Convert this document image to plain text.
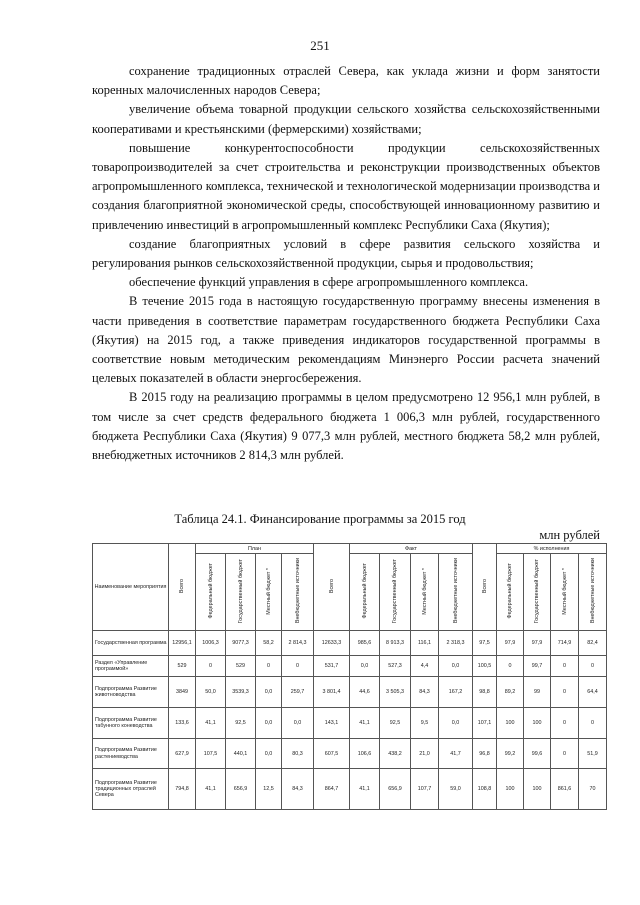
251

сохранение традиционных отраслей Севера, как уклада жизни и форм занятости коренных малочисленных народов Севера;

увеличение объема товарной продукции сельского хозяйства сельскохозяйственными кооперативами и крестьянскими (фермерскими) хозяйствами;

повышение конкурентоспособности продукции сельскохозяйственных товаропроизводителей за счет строительства и реконструкции производственных объектов агропромышленного комплекса, технической и технологической модернизации производства и создания благоприятной экономической среды, способствующей инновационному развитию и привлечению инвестиций в агропромышленный комплекс Республики Саха (Якутия);

создание благоприятных условий в сфере развития сельского хозяйства и регулирования рынков сельскохозяйственной продукции, сырья и продовольствия;

обеспечение функций управления в сфере агропромышленного комплекса.

В течение 2015 года в настоящую государственную программу внесены изменения в части приведения в соответствие параметрам государственного бюджета Республики Саха (Якутия) на 2015 год, а также приведения индикаторов государственной программы в соответствие новым методическим рекомендациям Минэнерго России расчета значений целевых показателей в области энергосбережения.

В 2015 году на реализацию программы в целом предусмотрено 12 956,1 млн рублей, в том числе за счет средств федерального бюджета 1 006,3 млн рублей, государственного бюджета Республики Саха (Якутия) 9 077,3 млн рублей, местного бюджета 58,2 млн рублей, внебюджетных источников 2 814,3 млн рублей.

Таблица 24.1. Финансирование программы за 2015 год
млн рублей
Наименование мероприятия	Всего	План				Всего	Факт				Всего	% исполнения			
		Федеральный бюджет	Государственный бюджет	Местный бюджет *	Внебюджетные источники		Федеральный бюджет	Государственный бюджет	Местный бюджет *	Внебюджетные источники		Федеральный бюджет	Государственный бюджет	Местный бюджет *	Внебюджетные источники
Государственная программа	12956,1	1006,3	9077,3	58,2	2 814,3	12633,3	985,6	8 913,3	116,1	2 318,3	97,5	97,9	97,9	714,9	82,4
Раздел «Управление программой»	529	0	529	0	0	531,7	0,0	527,3	4,4	0,0	100,5	0	99,7	0	0
Подпрограмма Развитие животноводства	3849	50,0	3539,3	0,0	259,7	3 801,4	44,6	3 505,3	84,3	167,2	98,8	89,2	99	0	64,4
Подпрограмма Развитие табунного коневодства	133,6	41,1	92,5	0,0	0,0	143,1	41,1	92,5	9,5	0,0	107,1	100	100	0	0
Подпрограмма Развитие растениеводства	627,9	107,5	440,1	0,0	80,3	607,5	106,6	438,2	21,0	41,7	96,8	99,2	99,6	0	51,9
Подпрограмма Развитие традиционных отраслей Севера	794,8	41,1	656,9	12,5	84,3	864,7	41,1	656,9	107,7	59,0	108,8	100	100	861,6	70
